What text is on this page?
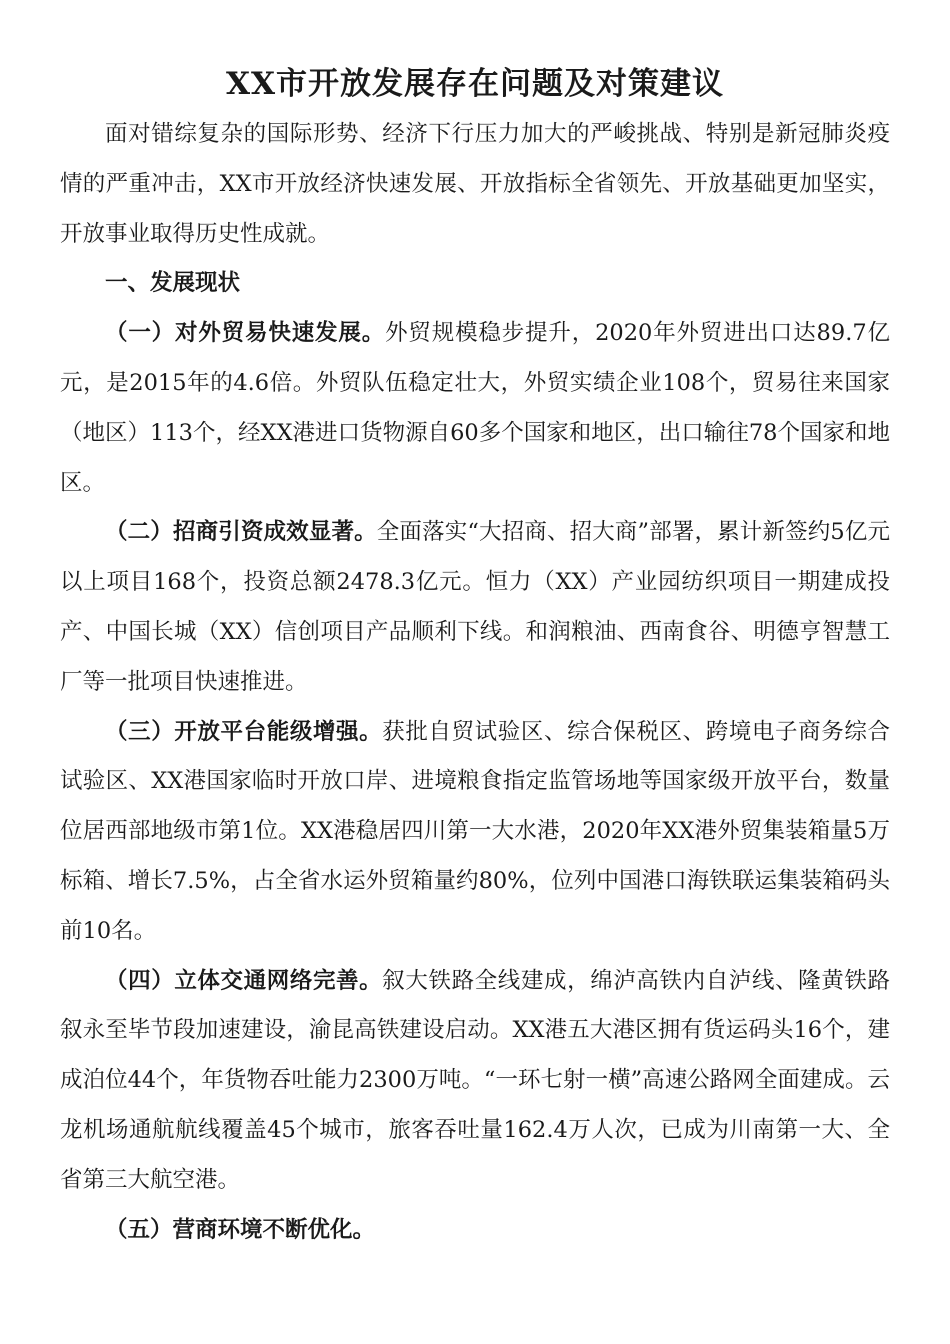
XX市开放发展存在问题及对策建议

面对错综复杂的国际形势、经济下行压力加大的严峻挑战、特别是新冠肺炎疫情的严重冲击，XX市开放经济快速发展、开放指标全省领先、开放基础更加坚实，开放事业取得历史性成就。

一、发展现状

（一）对外贸易快速发展。外贸规模稳步提升，2020年外贸进出口达89.7亿元，是2015年的4.6倍。外贸队伍稳定壮大，外贸实绩企业108个，贸易往来国家（地区）113个，经XX港进口货物源自60多个国家和地区，出口输往78个国家和地区。

（二）招商引资成效显著。全面落实“大招商、招大商”部署，累计新签约5亿元以上项目168个，投资总额2478.3亿元。恒力（XX）产业园纺织项目一期建成投产、中国长城（XX）信创项目产品顺利下线。和润粮油、西南食谷、明德亨智慧工厂等一批项目快速推进。

（三）开放平台能级增强。获批自贸试验区、综合保税区、跨境电子商务综合试验区、XX港国家临时开放口岸、进境粮食指定监管场地等国家级开放平台，数量位居西部地级市第1位。XX港稳居四川第一大水港，2020年XX港外贸集装箱量5万标箱、增长7.5%，占全省水运外贸箱量约80%，位列中国港口海铁联运集装箱码头前10名。

（四）立体交通网络完善。叙大铁路全线建成，绵泸高铁内自泸线、隆黄铁路叙永至毕节段加速建设，渝昆高铁建设启动。XX港五大港区拥有货运码头16个，建成泊位44个，年货物吞吐能力2300万吨。“一环七射一横”高速公路网全面建成。云龙机场通航航线覆盖45个城市，旅客吞吐量162.4万人次，已成为川南第一大、全省第三大航空港。

（五）营商环境不断优化。
